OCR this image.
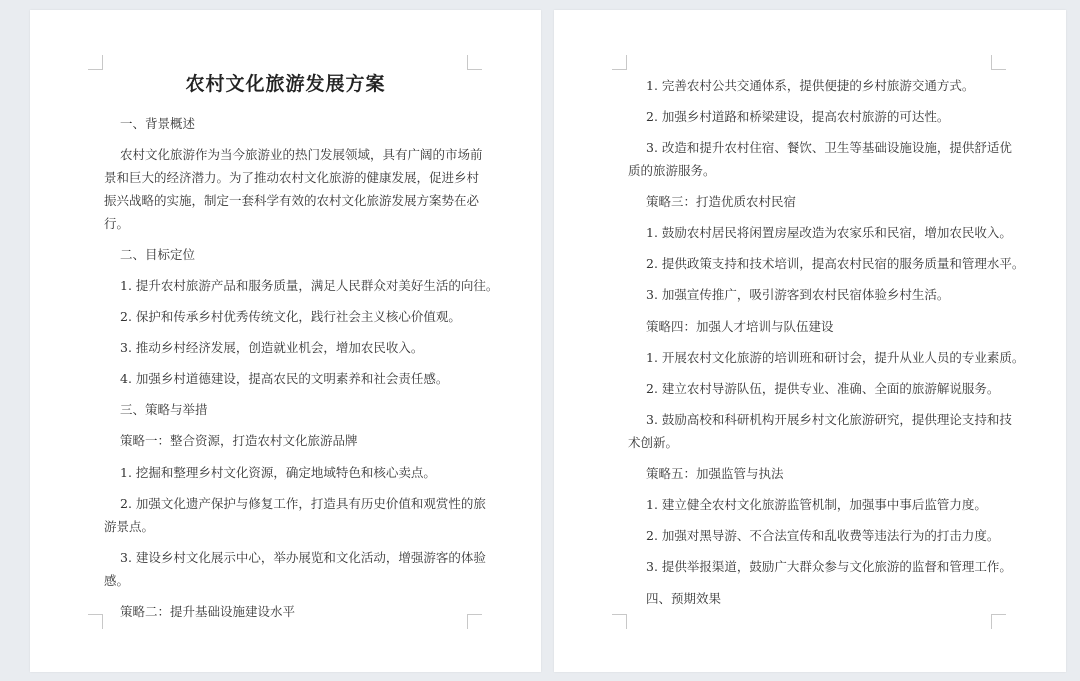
农村文化旅游发展方案
一、背景概述
农村文化旅游作为当今旅游业的热门发展领域，具有广阔的市场前
景和巨大的经济潜力。为了推动农村文化旅游的健康发展，促进乡村
振兴战略的实施，制定一套科学有效的农村文化旅游发展方案势在必
行。
二、目标定位
1. 提升农村旅游产品和服务质量，满足人民群众对美好生活的向往。
2. 保护和传承乡村优秀传统文化，践行社会主义核心价值观。
3. 推动乡村经济发展，创造就业机会，增加农民收入。
4. 加强乡村道德建设，提高农民的文明素养和社会责任感。
三、策略与举措
策略一：整合资源，打造农村文化旅游品牌
1. 挖掘和整理乡村文化资源，确定地域特色和核心卖点。
2. 加强文化遗产保护与修复工作，打造具有历史价值和观赏性的旅
游景点。
3. 建设乡村文化展示中心，举办展览和文化活动，增强游客的体验
感。
策略二：提升基础设施建设水平
1. 完善农村公共交通体系，提供便捷的乡村旅游交通方式。
2. 加强乡村道路和桥梁建设，提高农村旅游的可达性。
3. 改造和提升农村住宿、餐饮、卫生等基础设施设施，提供舒适优
质的旅游服务。
策略三：打造优质农村民宿
1. 鼓励农村居民将闲置房屋改造为农家乐和民宿，增加农民收入。
2. 提供政策支持和技术培训，提高农村民宿的服务质量和管理水平。
3. 加强宣传推广，吸引游客到农村民宿体验乡村生活。
策略四：加强人才培训与队伍建设
1. 开展农村文化旅游的培训班和研讨会，提升从业人员的专业素质。
2. 建立农村导游队伍，提供专业、准确、全面的旅游解说服务。
3. 鼓励高校和科研机构开展乡村文化旅游研究，提供理论支持和技
术创新。
策略五：加强监管与执法
1. 建立健全农村文化旅游监管机制，加强事中事后监管力度。
2. 加强对黑导游、不合法宣传和乱收费等违法行为的打击力度。
3. 提供举报渠道，鼓励广大群众参与文化旅游的监督和管理工作。
四、预期效果
